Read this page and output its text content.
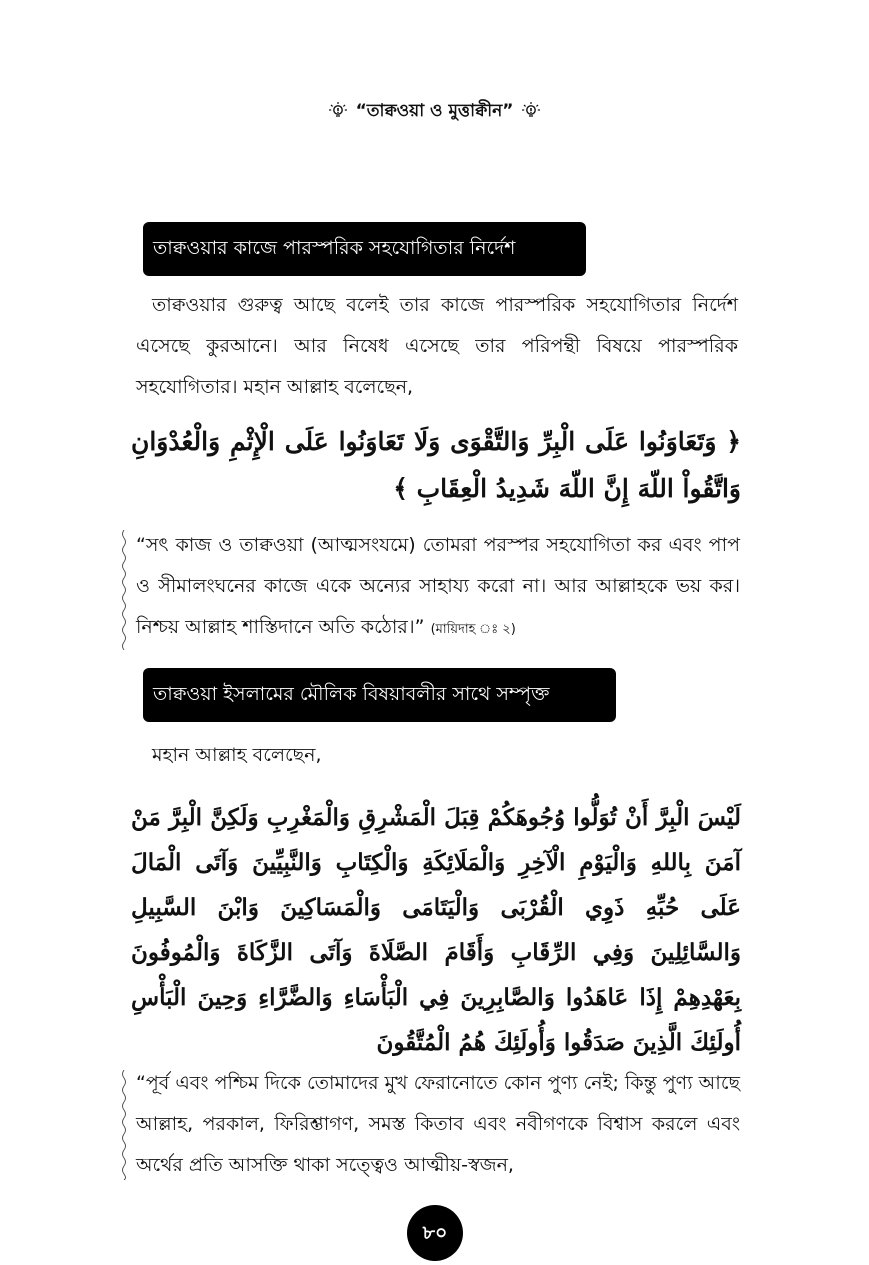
“তাক্বওয়া ও মুত্তাক্বীন”
তাক্বওয়ার কাজে পারস্পরিক সহযোগিতার নির্দেশ
তাক্বওয়ার গুরুত্ব আছে বলেই তার কাজে পারস্পরিক সহযোগিতার নির্দেশ এসেছে কুরআনে। আর নিষেধ এসেছে তার পরিপন্থী বিষয়ে পারস্পরিক সহযোগিতার। মহান আল্লাহ বলেছেন,
﴿ وَتَعَاوَنُوا عَلَى الْبِرِّ وَالتَّقْوَى وَلَا تَعَاوَنُوا عَلَى الْإِثْمِ وَالْعُدْوَانِ وَاتَّقُواْ اللّهَ إِنَّ اللّهَ شَدِيدُ الْعِقَابِ ﴾
“সৎ কাজ ও তাক্বওয়া (আত্মসংযমে) তোমরা পরস্পর সহযোগিতা কর এবং পাপ ও সীমালংঘনের কাজে একে অন্যের সাহায্য করো না। আর আল্লাহকে ভয় কর। নিশ্চয় আল্লাহ শাস্তিদানে অতি কঠোর।” (মায়িদাহ ঃ ২)
তাক্বওয়া ইসলামের মৌলিক বিষয়াবলীর সাথে সম্পৃক্ত
মহান আল্লাহ বলেছেন,
لَيْسَ الْبِرَّ أَنْ تُوَلُّوا وُجُوهَكُمْ قِبَلَ الْمَشْرِقِ وَالْمَغْرِبِ وَلَكِنَّ الْبِرَّ مَنْ آمَنَ بِاللهِ وَالْيَوْمِ الْآخِرِ وَالْمَلَائِكَةِ وَالْكِتَابِ وَالنَّبِيِّينَ وَآتَى الْمَالَ عَلَى حُبِّهِ ذَوِي الْقُرْبَى وَالْيَتَامَى وَالْمَسَاكِينَ وَابْنَ السَّبِيلِ وَالسَّائِلِينَ وَفِي الرِّقَابِ وَأَقَامَ الصَّلَاةَ وَآتَى الزَّكَاةَ وَالْمُوفُونَ بِعَهْدِهِمْ إِذَا عَاهَدُوا وَالصَّابِرِينَ فِي الْبَأْسَاءِ وَالضَّرَّاءِ وَحِينَ الْبَأْسِ أُولَئِكَ الَّذِينَ صَدَقُوا وَأُولَئِكَ هُمُ الْمُتَّقُونَ
“পূর্ব এবং পশ্চিম দিকে তোমাদের মুখ ফেরানোতে কোন পুণ্য নেই; কিন্তু পুণ্য আছে আল্লাহ, পরকাল, ফিরিশ্তাগণ, সমস্ত কিতাব এবং নবীগণকে বিশ্বাস করলে এবং অর্থের প্রতি আসক্তি থাকা সত্ত্বেও আত্মীয়-স্বজন,
৮০
